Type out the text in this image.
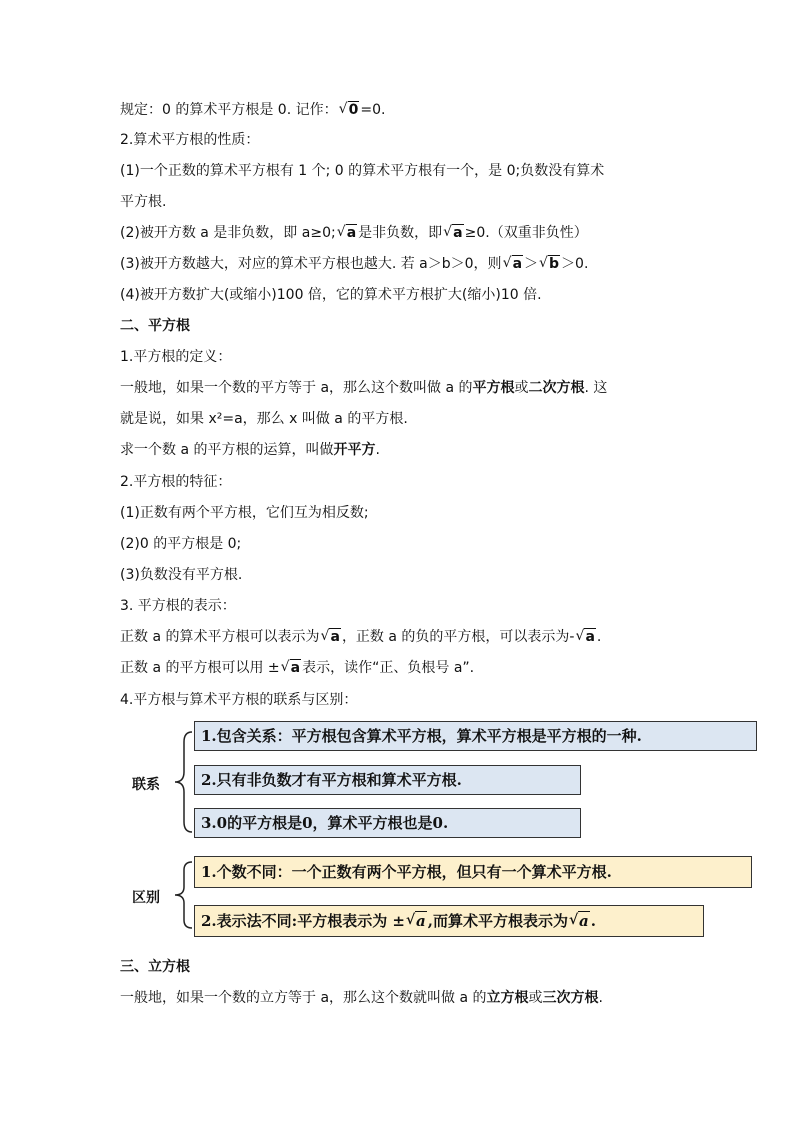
规定：0 的算术平方根是 0. 记作： √ 0 =0.
2.算术平方根的性质：
(1)一个正数的算术平方根有 1 个; 0 的算术平方根有一个，是 0;负数没有算术
平方根.
(2)被开方数 a 是非负数，即 a≥0; √ a 是非负数，即 √ a ≥0.（双重非负性）
(3)被开方数越大，对应的算术平方根也越大. 若 a＞b＞0，则 √ a ＞ √ b ＞0.
(4)被开方数扩大(或缩小)100 倍，它的算术平方根扩大(缩小)10 倍.
二、平方根
1.平方根的定义：
一般地，如果一个数的平方等于 a，那么这个数叫做 a 的平方根或二次方根. 这
就是说，如果 x²=a，那么 x 叫做 a 的平方根.
求一个数 a 的平方根的运算，叫做开平方.
2.平方根的特征：
(1)正数有两个平方根，它们互为相反数;
(2)0 的平方根是 0;
(3)负数没有平方根.
3. 平方根的表示：
正数 a 的算术平方根可以表示为 √ a ，正数 a 的负的平方根，可以表示为- √ a .
正数 a 的平方根可以用 ± √ a 表示，读作“正、负根号 a”.
4.平方根与算术平方根的联系与区别：
联系
1.包含关系：平方根包含算术平方根，算术平方根是平方根的一种.
2.只有非负数才有平方根和算术平方根.
3.0的平方根是0，算术平方根也是0.
区别
1.个数不同：一个正数有两个平方根，但只有一个算术平方根.
2.表示法不同:平方根表示为 ± √ a ,而算术平方根表示为 √ a .
三、立方根
一般地，如果一个数的立方等于 a，那么这个数就叫做 a 的立方根或三次方根.
